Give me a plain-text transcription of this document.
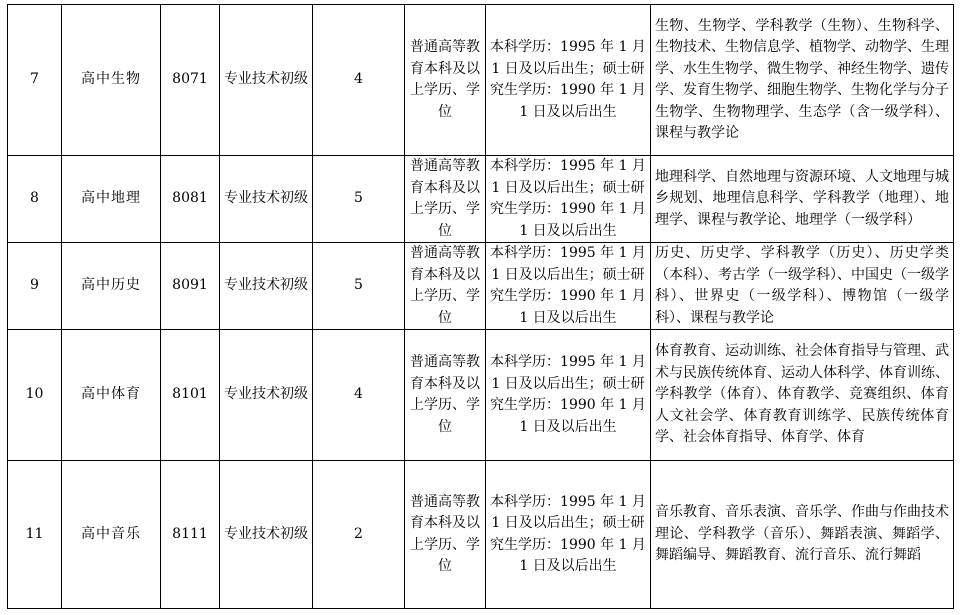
7	高中生物	8071	专业技术初级	4	普通高等教育本科及以上学历、学位	本科学历：1995 年 1 月 1 日及以后出生；硕士研究生学历：1990 年 1 月 1 日及以后出生	生物、生物学、学科教学（生物）、生物科学、生物技术、生物信息学、植物学、动物学、生理学、水生生物学、微生物学、神经生物学、遗传学、发育生物学、细胞生物学、生物化学与分子生物学、生物物理学、生态学（含一级学科）、课程与教学论
8	高中地理	8081	专业技术初级	5	普通高等教育本科及以上学历、学位	本科学历：1995 年 1 月 1 日及以后出生；硕士研究生学历：1990 年 1 月 1 日及以后出生	地理科学、自然地理与资源环境、人文地理与城乡规划、地理信息科学、学科教学（地理）、地理学、课程与教学论、地理学（一级学科）
9	高中历史	8091	专业技术初级	5	普通高等教育本科及以上学历、学位	本科学历：1995 年 1 月 1 日及以后出生；硕士研究生学历：1990 年 1 月 1 日及以后出生	历史、历史学、学科教学（历史）、历史学类（本科）、考古学（一级学科）、中国史（一级学科）、世界史（一级学科）、博物馆（一级学科）、课程与教学论
10	高中体育	8101	专业技术初级	4	普通高等教育本科及以上学历、学位	本科学历：1995 年 1 月 1 日及以后出生；硕士研究生学历：1990 年 1 月 1 日及以后出生	体育教育、运动训练、社会体育指导与管理、武术与民族传统体育、运动人体科学、体育训练、学科教学（体育）、体育教学、竞赛组织、体育人文社会学、体育教育训练学、民族传统体育学、社会体育指导、体育学、体育
11	高中音乐	8111	专业技术初级	2	普通高等教育本科及以上学历、学位	本科学历：1995 年 1 月 1 日及以后出生；硕士研究生学历：1990 年 1 月 1 日及以后出生	音乐教育、音乐表演、音乐学、作曲与作曲技术理论、学科教学（音乐）、舞蹈表演、舞蹈学、舞蹈编导、舞蹈教育、流行音乐、流行舞蹈
